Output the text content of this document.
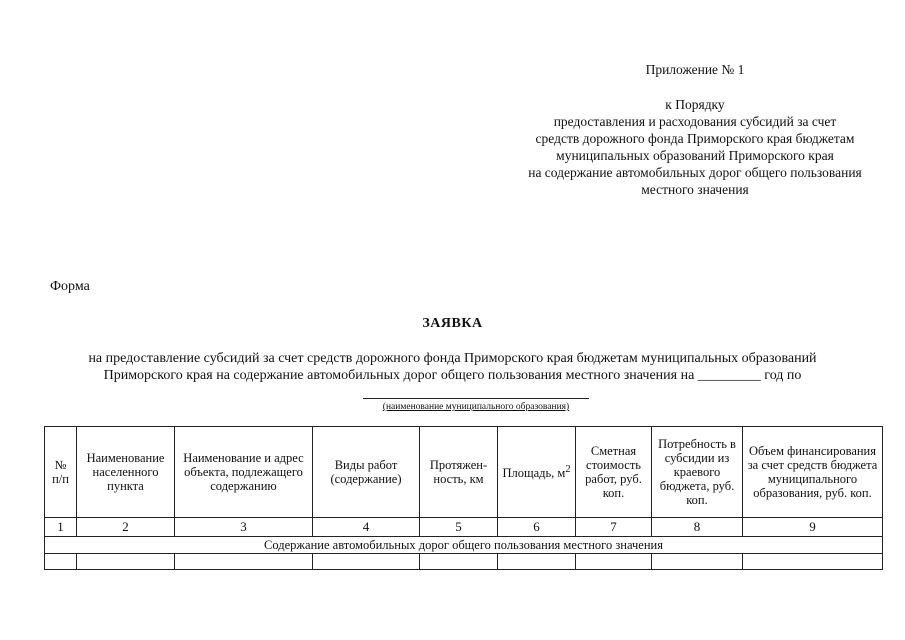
Приложение № 1
к Порядку
предоставления и расходования субсидий за счет
средств дорожного фонда Приморского края бюджетам
муниципальных образований Приморского края
на содержание автомобильных дорог общего пользования
местного значения
Форма
ЗАЯВКА
на предоставление субсидий за счет средств дорожного фонда Приморского края бюджетам муниципальных образований
Приморского края на содержание автомобильных дорог общего пользования местного значения на _________ год по
(наименование муниципального образования)
№ п/п	Наименование населенного пункта	Наименование и адрес объекта, подлежащего содержанию	Виды работ (содержание)	Протяжен-ность, км	Площадь, $м^2$	Сметная стоимость работ, руб. коп.	Потребность в субсидии из краевого бюджета, руб. коп.	Объем финансирования за счет средств бюджета муниципального образования, руб. коп.
1	2	3	4	5	6	7	8	9
Содержание автомобильных дорог общего пользования местного значения								
